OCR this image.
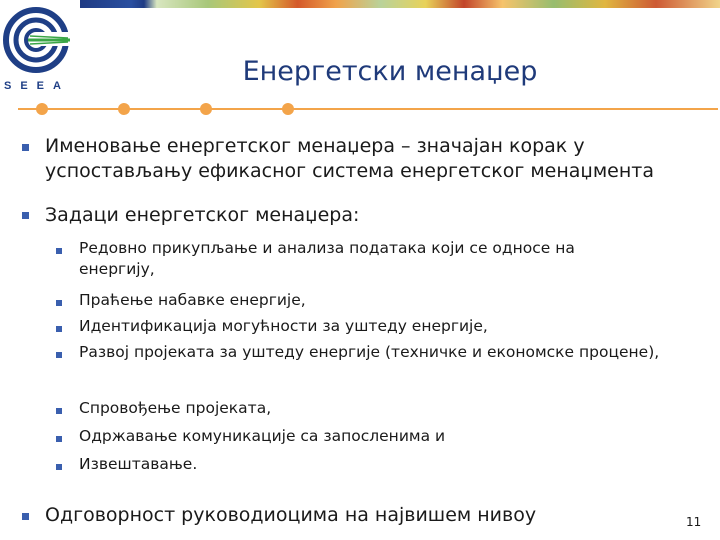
SEEA	Енергетски менаџер
Именовање енергетског менаџера – значајан корак у успостављању ефикасног система енергетског менаџмента
Задаци енергетског менаџера:
Редовно прикупљање и анализа података који се односе на енергију,
Праћење набавке енергије,
Идентификација могућности за уштеду енергије,
Развој пројеката за уштеду енергије (техничке и економске процене),
Спровођење пројеката,
Одржавање комуникације са запосленима и
Извештавање.
Одговорност руководиоцима на највишем нивоу	11
